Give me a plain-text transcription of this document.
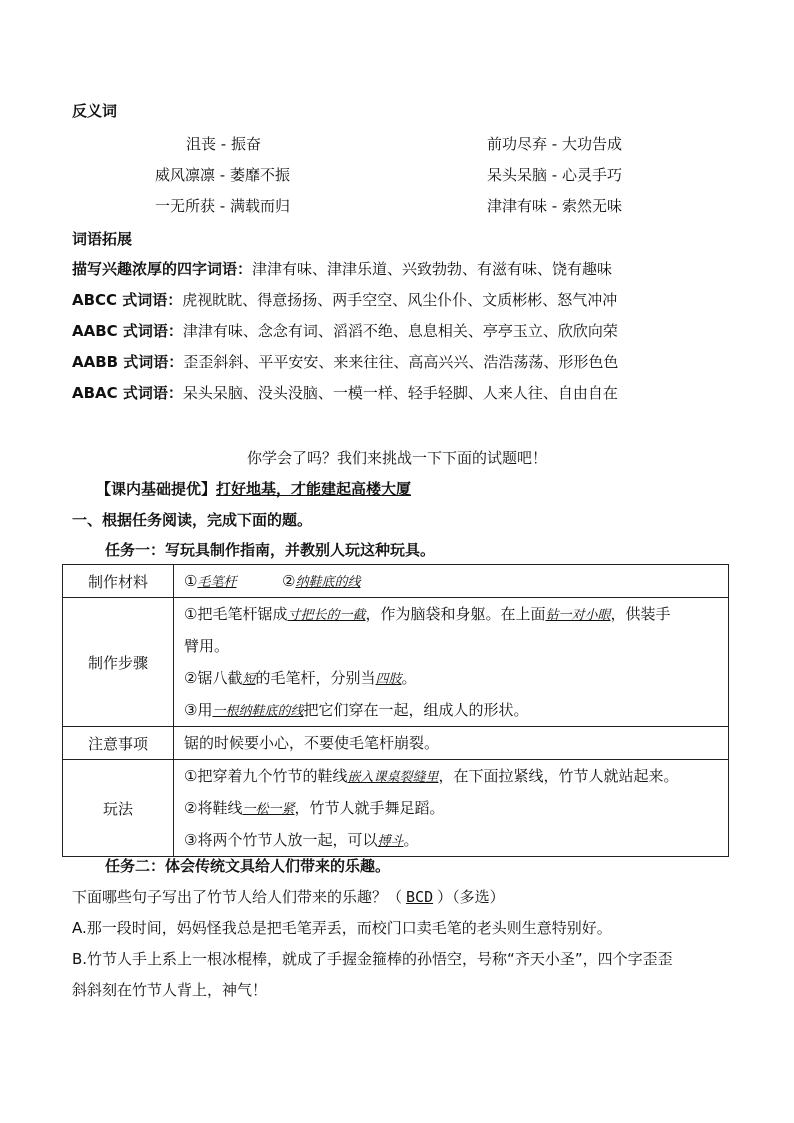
反义词
沮丧 - 振奋	前功尽弃 - 大功告成
威风凛凛 - 萎靡不振	呆头呆脑 - 心灵手巧
一无所获 - 满载而归	津津有味 - 索然无味
词语拓展
描写兴趣浓厚的四字词语：津津有味、津津乐道、兴致勃勃、有滋有味、饶有趣味
ABCC 式词语：虎视眈眈、得意扬扬、两手空空、风尘仆仆、文质彬彬、怒气冲冲
AABC 式词语：津津有味、念念有词、滔滔不绝、息息相关、亭亭玉立、欣欣向荣
AABB 式词语：歪歪斜斜、平平安安、来来往往、高高兴兴、浩浩荡荡、形形色色
ABAC 式词语：呆头呆脑、没头没脑、一模一样、轻手轻脚、人来人往、自由自在
你学会了吗？我们来挑战一下下面的试题吧！
【课内基础提优】打好地基，才能建起高楼大厦
一、根据任务阅读，完成下面的题。
任务一：写玩具制作指南，并教别人玩这种玩具。
制作材料	①毛笔杆 ②纳鞋底的线

制作步骤	①把毛笔杆锯成寸把长的一截，作为脑袋和身躯。在上面钻一对小眼，供装手
臂用。
②锯八截短的毛笔杆，分别当四肢。
③用一根纳鞋底的线把它们穿在一起，组成人的形状。

注意事项	锯的时候要小心，不要使毛笔杆崩裂。

玩法	①把穿着九个竹节的鞋线嵌入课桌裂缝里，在下面拉紧线，竹节人就站起来。
②将鞋线一松一紧，竹节人就手舞足蹈。
③将两个竹节人放一起，可以搏斗。
任务二：体会传统文具给人们带来的乐趣。
下面哪些句子写出了竹节人给人们带来的乐趣？（ BCD ）（多选）
A.那一段时间，妈妈怪我总是把毛笔弄丢，而校门口卖毛笔的老头则生意特别好。
B.竹节人手上系上一根冰棍棒，就成了手握金箍棒的孙悟空，号称“齐天小圣”，四个字歪歪
斜斜刻在竹节人背上，神气！
